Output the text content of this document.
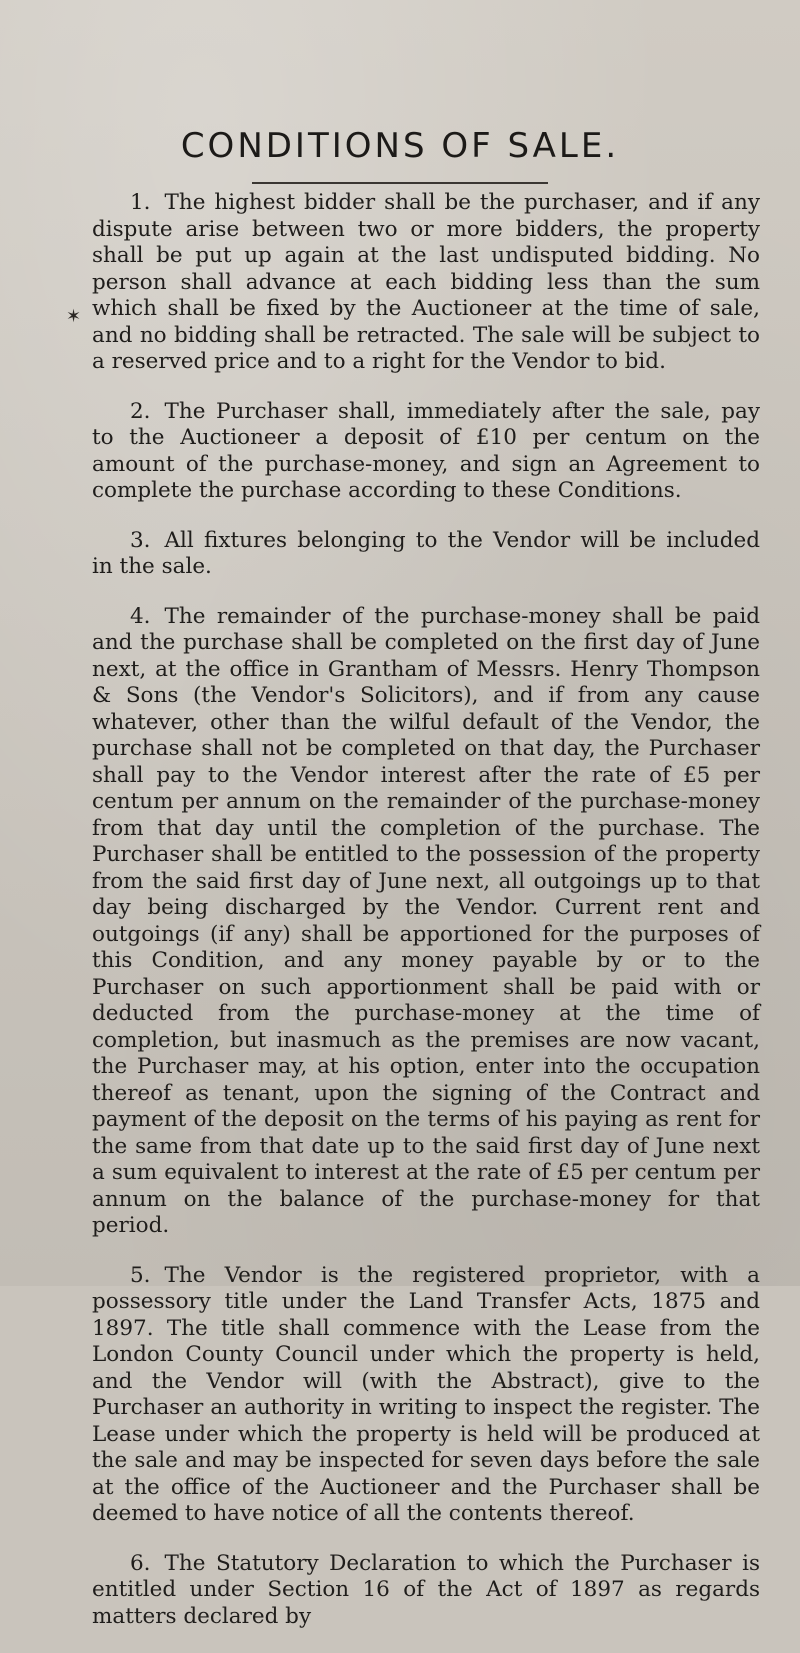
CONDITIONS OF SALE.
✶

1. The highest bidder shall be the purchaser, and if any dispute arise between two or more bidders, the property shall be put up again at the last undisputed bidding. No person shall advance at each bidding less than the sum which shall be fixed by the Auctioneer at the time of sale, and no bidding shall be retracted. The sale will be subject to a reserved price and to a right for the Vendor to bid.

2. The Purchaser shall, immediately after the sale, pay to the Auctioneer a deposit of £10 per centum on the amount of the purchase-money, and sign an Agreement to complete the purchase according to these Conditions.

3. All fixtures belonging to the Vendor will be included in the sale.

4. The remainder of the purchase-money shall be paid and the purchase shall be completed on the first day of June next, at the office in Grantham of Messrs. Henry Thompson & Sons (the Vendor's Solicitors), and if from any cause whatever, other than the wilful default of the Vendor, the purchase shall not be completed on that day, the Purchaser shall pay to the Vendor interest after the rate of £5 per centum per annum on the remainder of the purchase-money from that day until the completion of the purchase. The Purchaser shall be entitled to the possession of the property from the said first day of June next, all outgoings up to that day being discharged by the Vendor. Current rent and outgoings (if any) shall be apportioned for the purposes of this Condition, and any money payable by or to the Purchaser on such apportionment shall be paid with or deducted from the purchase-money at the time of completion, but inasmuch as the premises are now vacant, the Purchaser may, at his option, enter into the occupation thereof as tenant, upon the signing of the Contract and payment of the deposit on the terms of his paying as rent for the same from that date up to the said first day of June next a sum equivalent to interest at the rate of £5 per centum per annum on the balance of the purchase-money for that period.

5. The Vendor is the registered proprietor, with a possessory title under the Land Transfer Acts, 1875 and 1897. The title shall commence with the Lease from the London County Council under which the property is held, and the Vendor will (with the Abstract), give to the Purchaser an authority in writing to inspect the register. The Lease under which the property is held will be produced at the sale and may be inspected for seven days before the sale at the office of the Auctioneer and the Purchaser shall be deemed to have notice of all the contents thereof.

6. The Statutory Declaration to which the Purchaser is entitled under Section 16 of the Act of 1897 as regards matters declared by
